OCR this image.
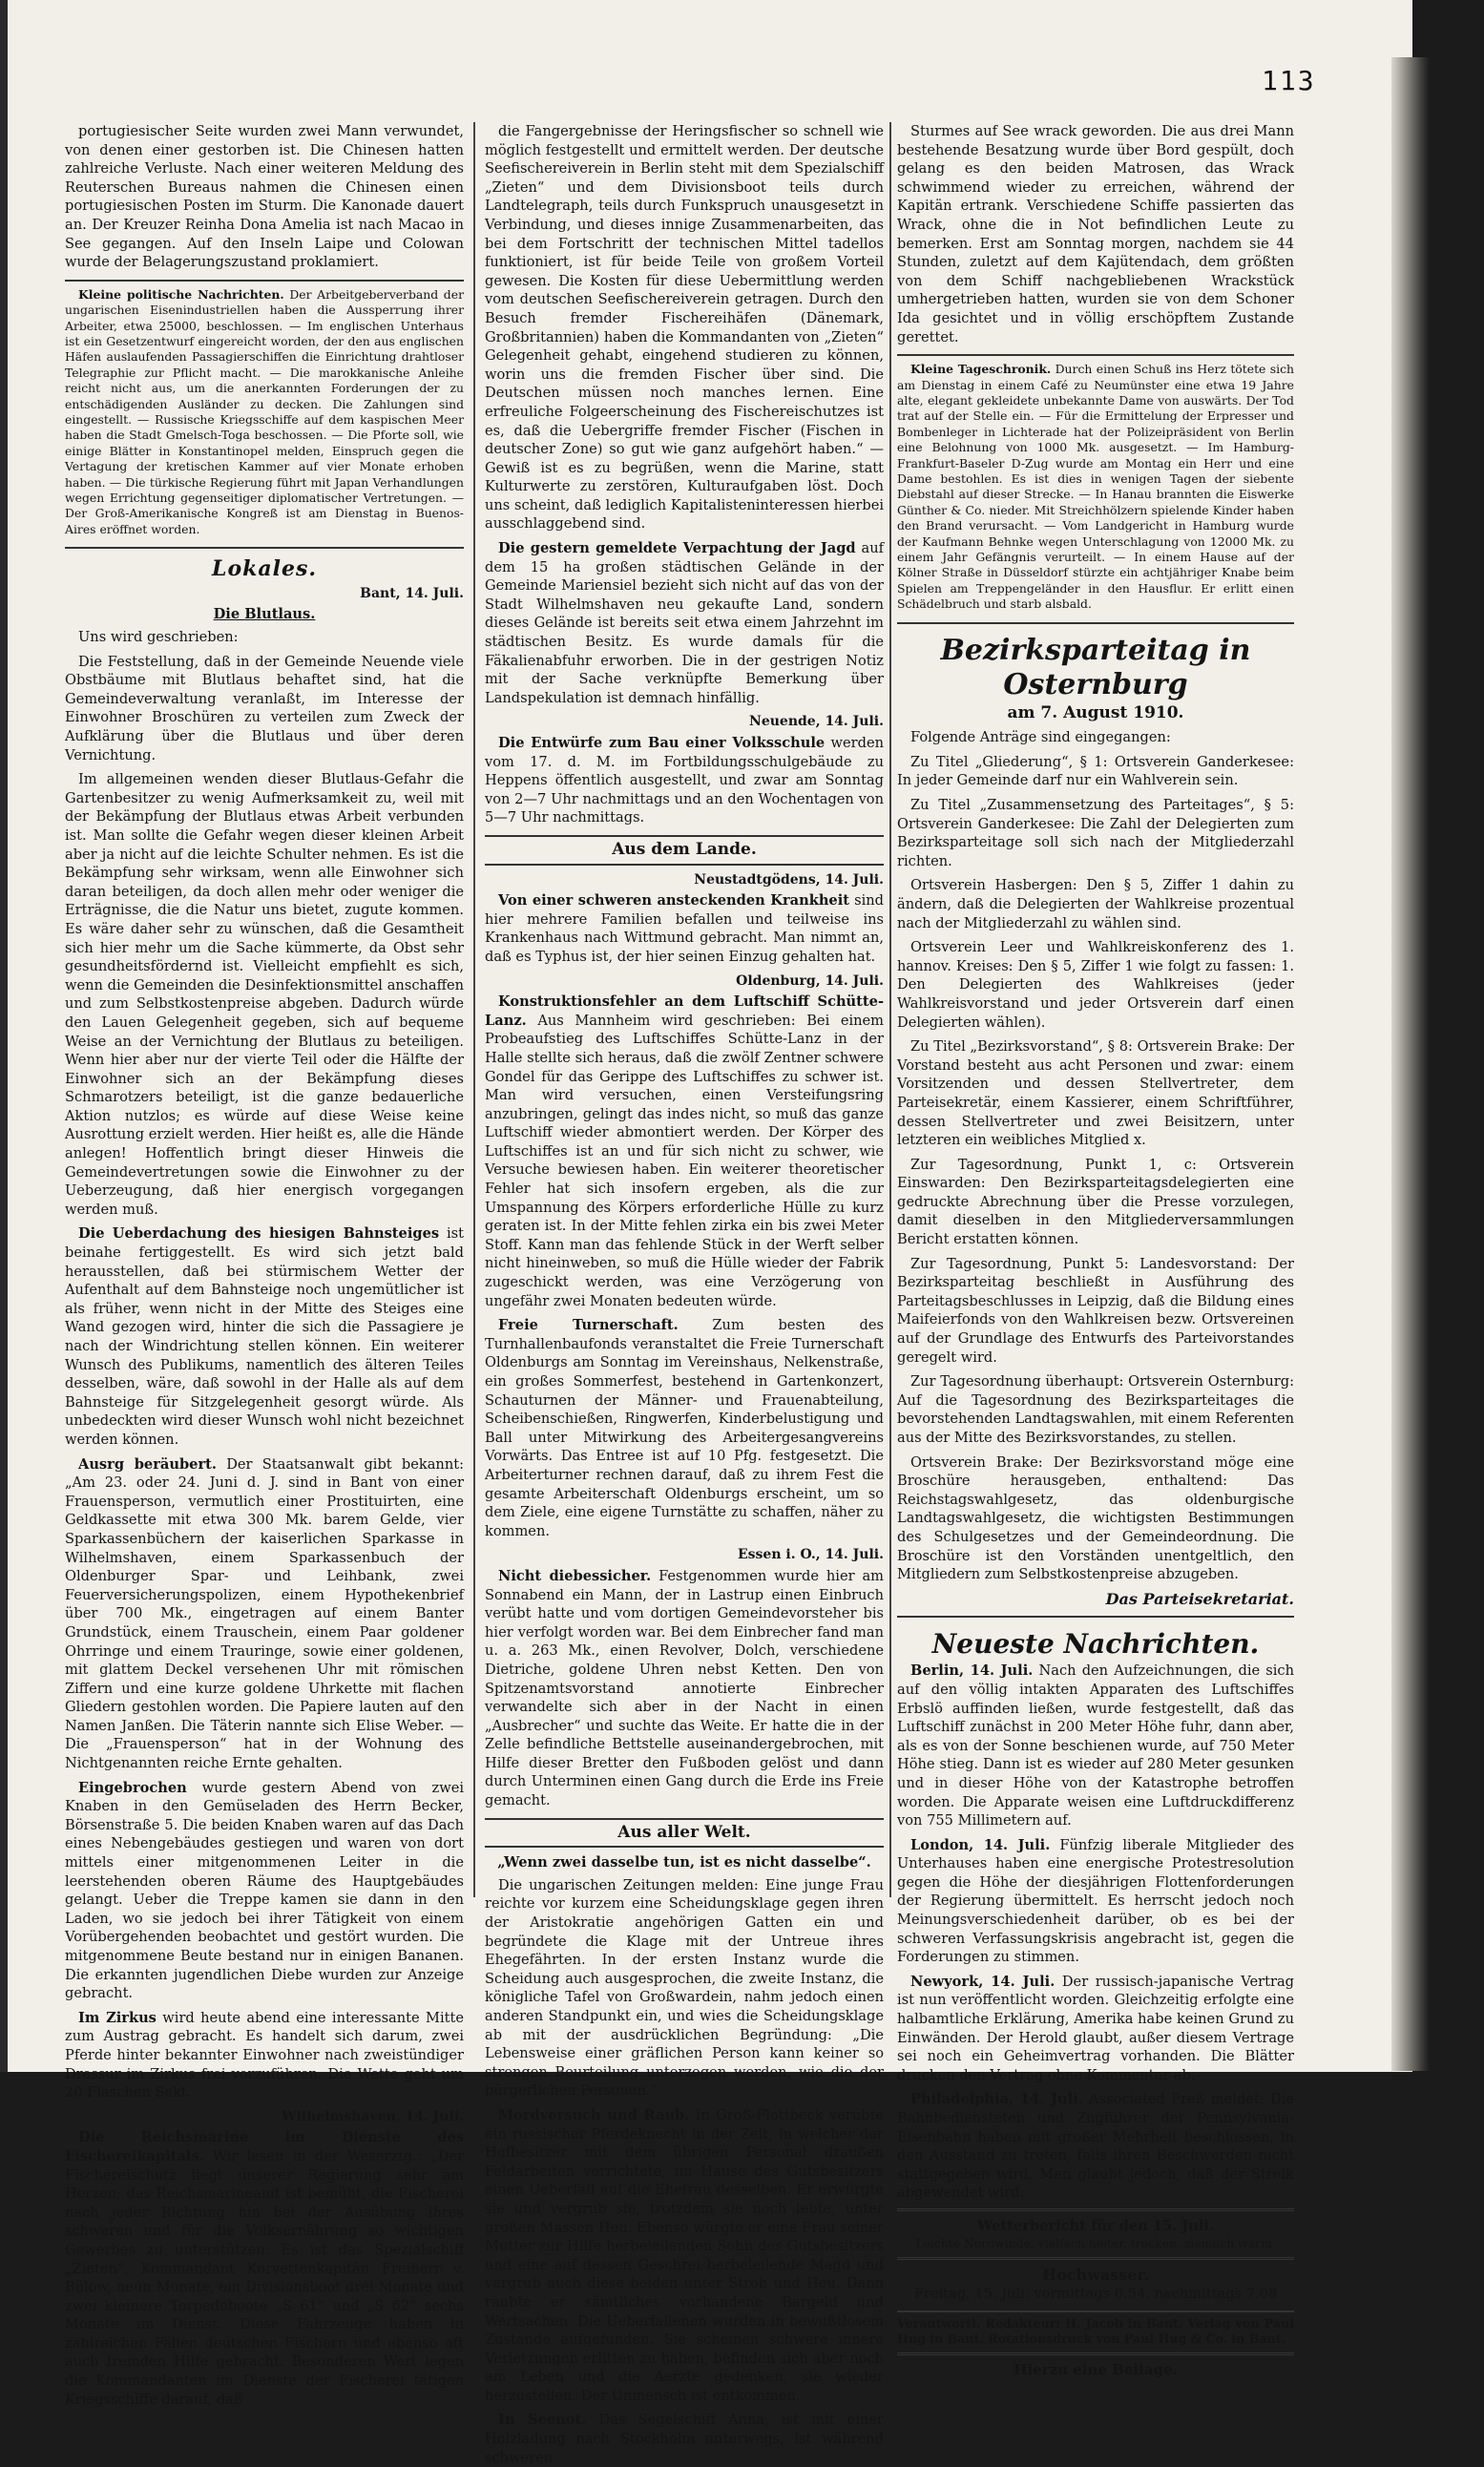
113

portugiesischer Seite wurden zwei Mann verwundet, von denen einer gestorben ist. Die Chinesen hatten zahlreiche Verluste. Nach einer weiteren Meldung des Reuterschen Bureaus nahmen die Chinesen einen portugiesischen Posten im Sturm. Die Kanonade dauert an. Der Kreuzer Reinha Dona Amelia ist nach Macao in See gegangen. Auf den Inseln Laipe und Colowan wurde der Belagerungszustand proklamiert.

Kleine politische Nachrichten. Der Arbeitgeberverband der ungarischen Eisenindustriellen haben die Aussperrung ihrer Arbeiter, etwa 25000, beschlossen. — Im englischen Unterhaus ist ein Gesetzentwurf eingereicht worden, der den aus englischen Häfen auslaufenden Passagierschiffen die Einrichtung drahtloser Telegraphie zur Pflicht macht. — Die marokkanische Anleihe reicht nicht aus, um die anerkannten Forderungen der zu entschädigenden Ausländer zu decken. Die Zahlungen sind eingestellt. — Russische Kriegsschiffe auf dem kaspischen Meer haben die Stadt Gmelsch-Toga beschossen. — Die Pforte soll, wie einige Blätter in Konstantinopel melden, Einspruch gegen die Vertagung der kretischen Kammer auf vier Monate erhoben haben. — Die türkische Regierung führt mit Japan Verhandlungen wegen Errichtung gegenseitiger diplomatischer Vertretungen. — Der Groß-Amerikanische Kongreß ist am Dienstag in Buenos-Aires eröffnet worden.

Lokales.
Bant, 14. Juli.
Die Blutlaus.

Uns wird geschrieben:

Die Feststellung, daß in der Gemeinde Neuende viele Obstbäume mit Blutlaus behaftet sind, hat die Gemeindeverwaltung veranlaßt, im Interesse der Einwohner Broschüren zu verteilen zum Zweck der Aufklärung über die Blutlaus und über deren Vernichtung.

Im allgemeinen wenden dieser Blutlaus-Gefahr die Gartenbesitzer zu wenig Aufmerksamkeit zu, weil mit der Bekämpfung der Blutlaus etwas Arbeit verbunden ist. Man sollte die Gefahr wegen dieser kleinen Arbeit aber ja nicht auf die leichte Schulter nehmen. Es ist die Bekämpfung sehr wirksam, wenn alle Einwohner sich daran beteiligen, da doch allen mehr oder weniger die Erträgnisse, die die Natur uns bietet, zugute kommen. Es wäre daher sehr zu wünschen, daß die Gesamtheit sich hier mehr um die Sache kümmerte, da Obst sehr gesundheitsfördernd ist. Vielleicht empfiehlt es sich, wenn die Gemeinden die Desinfektionsmittel anschaffen und zum Selbstkostenpreise abgeben. Dadurch würde den Lauen Gelegenheit gegeben, sich auf bequeme Weise an der Vernichtung der Blutlaus zu beteiligen. Wenn hier aber nur der vierte Teil oder die Hälfte der Einwohner sich an der Bekämpfung dieses Schmarotzers beteiligt, ist die ganze bedauerliche Aktion nutzlos; es würde auf diese Weise keine Ausrottung erzielt werden. Hier heißt es, alle die Hände anlegen! Hoffentlich bringt dieser Hinweis die Gemeindevertretungen sowie die Einwohner zu der Ueberzeugung, daß hier energisch vorgegangen werden muß.

Die Ueberdachung des hiesigen Bahnsteiges ist beinahe fertiggestellt. Es wird sich jetzt bald herausstellen, daß bei stürmischem Wetter der Aufenthalt auf dem Bahnsteige noch ungemütlicher ist als früher, wenn nicht in der Mitte des Steiges eine Wand gezogen wird, hinter die sich die Passagiere je nach der Windrichtung stellen können. Ein weiterer Wunsch des Publikums, namentlich des älteren Teiles desselben, wäre, daß sowohl in der Halle als auf dem Bahnsteige für Sitzgelegenheit gesorgt würde. Als unbedeckten wird dieser Wunsch wohl nicht bezeichnet werden können.

Ausrg beräubert. Der Staatsanwalt gibt bekannt: „Am 23. oder 24. Juni d. J. sind in Bant von einer Frauensperson, vermutlich einer Prostituirten, eine Geldkassette mit etwa 300 Mk. barem Gelde, vier Sparkassenbüchern der kaiserlichen Sparkasse in Wilhelmshaven, einem Sparkassenbuch der Oldenburger Spar- und Leihbank, zwei Feuerversicherungspolizen, einem Hypothekenbrief über 700 Mk., eingetragen auf einem Banter Grundstück, einem Trauschein, einem Paar goldener Ohrringe und einem Trauringe, sowie einer goldenen, mit glattem Deckel versehenen Uhr mit römischen Ziffern und eine kurze goldene Uhrkette mit flachen Gliedern gestohlen worden. Die Papiere lauten auf den Namen Janßen. Die Täterin nannte sich Elise Weber. — Die „Frauensperson“ hat in der Wohnung des Nichtgenannten reiche Ernte gehalten.

Eingebrochen wurde gestern Abend von zwei Knaben in den Gemüseladen des Herrn Becker, Börsenstraße 5. Die beiden Knaben waren auf das Dach eines Nebengebäudes gestiegen und waren von dort mittels einer mitgenommenen Leiter in die leerstehenden oberen Räume des Hauptgebäudes gelangt. Ueber die Treppe kamen sie dann in den Laden, wo sie jedoch bei ihrer Tätigkeit von einem Vorübergehenden beobachtet und gestört wurden. Die mitgenommene Beute bestand nur in einigen Bananen. Die erkannten jugendlichen Diebe wurden zur Anzeige gebracht.

Im Zirkus wird heute abend eine interessante Mitte zum Austrag gebracht. Es handelt sich darum, zwei Pferde hinter bekannter Einwohner nach zweistündiger Dressur im Zirkus frei vorzuführen. Die Wette geht um 20 Flaschen Sekt.

Wilhelmshaven, 14. Juli.

Die Reichsmarine im Dienste des Fischereikapitals. Wir lesen in der Weserztg.: „Der Fischereischutz liegt unserer Regierung sehr am Herzen; das Reichsmarineamt ist bemüht, die Fischerei nach jeder Richtung hin bei der Ausübung ihres schweren und für die Volksernährung so wichtigen Gewerbes zu unterstützen. Es ist das Spezialschiff „Zieten“, Kommandant Korvettenkapitän Freiherr v. Bülow, neun Monate, ein Divisionsboot drei Monate und zwei kleinere Torpedoboote „S 61“ und „S 62“ sechs Monate im Dienst. Diese Fahrzeuge haben in zahlreichen Fällen deutschen Fischern und ebenso oft auch fremden Hilfe gebracht. Besonderen Wert legen die Kommandanten im Dienste der Fischerei tätigen Kriegsschiffe darauf, daß

die Fangergebnisse der Heringsfischer so schnell wie möglich festgestellt und ermittelt werden. Der deutsche Seefischereiverein in Berlin steht mit dem Spezialschiff „Zieten“ und dem Divisionsboot teils durch Landtelegraph, teils durch Funkspruch unausgesetzt in Verbindung, und dieses innige Zusammenarbeiten, das bei dem Fortschritt der technischen Mittel tadellos funktioniert, ist für beide Teile von großem Vorteil gewesen. Die Kosten für diese Uebermittlung werden vom deutschen Seefischereiverein getragen. Durch den Besuch fremder Fischereihäfen (Dänemark, Großbritannien) haben die Kommandanten von „Zieten“ Gelegenheit gehabt, eingehend studieren zu können, worin uns die fremden Fischer über sind. Die Deutschen müssen noch manches lernen. Eine erfreuliche Folgeerscheinung des Fischereischutzes ist es, daß die Uebergriffe fremder Fischer (Fischen in deutscher Zone) so gut wie ganz aufgehört haben.“ — Gewiß ist es zu begrüßen, wenn die Marine, statt Kulturwerte zu zerstören, Kulturaufgaben löst. Doch uns scheint, daß lediglich Kapitalisteninteressen hierbei ausschlaggebend sind.

Die gestern gemeldete Verpachtung der Jagd auf dem 15 ha großen städtischen Gelände in der Gemeinde Mariensiel bezieht sich nicht auf das von der Stadt Wilhelmshaven neu gekaufte Land, sondern dieses Gelände ist bereits seit etwa einem Jahrzehnt im städtischen Besitz. Es wurde damals für die Fäkalienabfuhr erworben. Die in der gestrigen Notiz mit der Sache verknüpfte Bemerkung über Landspekulation ist demnach hinfällig.

Neuende, 14. Juli.

Die Entwürfe zum Bau einer Volksschule werden vom 17. d. M. im Fortbildungsschulgebäude zu Heppens öffentlich ausgestellt, und zwar am Sonntag von 2—7 Uhr nachmittags und an den Wochentagen von 5—7 Uhr nachmittags.

Aus dem Lande.
Neustadtgödens, 14. Juli.

Von einer schweren ansteckenden Krankheit sind hier mehrere Familien befallen und teilweise ins Krankenhaus nach Wittmund gebracht. Man nimmt an, daß es Typhus ist, der hier seinen Einzug gehalten hat.

Oldenburg, 14. Juli.

Konstruktionsfehler an dem Luftschiff Schütte-Lanz. Aus Mannheim wird geschrieben: Bei einem Probeaufstieg des Luftschiffes Schütte-Lanz in der Halle stellte sich heraus, daß die zwölf Zentner schwere Gondel für das Gerippe des Luftschiffes zu schwer ist. Man wird versuchen, einen Versteifungsring anzubringen, gelingt das indes nicht, so muß das ganze Luftschiff wieder abmontiert werden. Der Körper des Luftschiffes ist an und für sich nicht zu schwer, wie Versuche bewiesen haben. Ein weiterer theoretischer Fehler hat sich insofern ergeben, als die zur Umspannung des Körpers erforderliche Hülle zu kurz geraten ist. In der Mitte fehlen zirka ein bis zwei Meter Stoff. Kann man das fehlende Stück in der Werft selber nicht hineinweben, so muß die Hülle wieder der Fabrik zugeschickt werden, was eine Verzögerung von ungefähr zwei Monaten bedeuten würde.

Freie Turnerschaft. Zum besten des Turnhallenbaufonds veranstaltet die Freie Turnerschaft Oldenburgs am Sonntag im Vereinshaus, Nelkenstraße, ein großes Sommerfest, bestehend in Gartenkonzert, Schauturnen der Männer- und Frauenabteilung, Scheibenschießen, Ringwerfen, Kinderbelustigung und Ball unter Mitwirkung des Arbeitergesangvereins Vorwärts. Das Entree ist auf 10 Pfg. festgesetzt. Die Arbeiterturner rechnen darauf, daß zu ihrem Fest die gesamte Arbeiterschaft Oldenburgs erscheint, um so dem Ziele, eine eigene Turnstätte zu schaffen, näher zu kommen.

Essen i. O., 14. Juli.

Nicht diebessicher. Festgenommen wurde hier am Sonnabend ein Mann, der in Lastrup einen Einbruch verübt hatte und vom dortigen Gemeindevorsteher bis hier verfolgt worden war. Bei dem Einbrecher fand man u. a. 263 Mk., einen Revolver, Dolch, verschiedene Dietriche, goldene Uhren nebst Ketten. Den von Spitzenamtsvorstand annotierte Einbrecher verwandelte sich aber in der Nacht in einen „Ausbrecher“ und suchte das Weite. Er hatte die in der Zelle befindliche Bettstelle auseinandergebrochen, mit Hilfe dieser Bretter den Fußboden gelöst und dann durch Unterminen einen Gang durch die Erde ins Freie gemacht.

Aus aller Welt.
„Wenn zwei dasselbe tun, ist es nicht dasselbe“.

Die ungarischen Zeitungen melden: Eine junge Frau reichte vor kurzem eine Scheidungsklage gegen ihren der Aristokratie angehörigen Gatten ein und begründete die Klage mit der Untreue ihres Ehegefährten. In der ersten Instanz wurde die Scheidung auch ausgesprochen, die zweite Instanz, die königliche Tafel von Großwardein, nahm jedoch einen anderen Standpunkt ein, und wies die Scheidungsklage ab mit der ausdrücklichen Begründung: „Die Lebensweise einer gräflichen Person kann keiner so strengen Beurteilung unterzogen werden, wie die der bürgerlichen Personen.“

Mordversuch und Raub. In Groß-Flottbeck verübte ein russischer Pferdeknecht in der Zeit, in welcher der Hofbesitzer mit dem übrigen Personal draußen Feldarbeiten verrichtete, im Hause des Gutsbesitzers einen Ueberfall auf die Ehefrau desselben. Er erwürgte sie und vergrub sie, trotzdem sie noch lebte, unter großen Massen Heu. Ebenso würgte er eine Frau seiner Mutter zur Hilfe herbeieilenden Sohn des Gutsbesitzers und eine auf dessen Geschrei herbeieilende Magd und vergrub auch diese beiden unter Stroh und Heu. Dann raubte er sämtliches vorhandene Bargeld und Wertsachen. Die Ueberfallenen wurden in bewußtlosem Zustande aufgefunden. Sie scheinen schwere innere Verletzungen erlitten zu haben, befinden sich aber noch am Leben und die Aerzte gedenken, sie wieder herzustellen. Der Unmensch ist entkommen.

In Seenot. Das Segelschiff Anna, ist mit einer Holzladung nach Stockholm unterwegs, ist während schweren

Sturmes auf See wrack geworden. Die aus drei Mann bestehende Besatzung wurde über Bord gespült, doch gelang es den beiden Matrosen, das Wrack schwimmend wieder zu erreichen, während der Kapitän ertrank. Verschiedene Schiffe passierten das Wrack, ohne die in Not befindlichen Leute zu bemerken. Erst am Sonntag morgen, nachdem sie 44 Stunden, zuletzt auf dem Kajütendach, dem größten von dem Schiff nachgebliebenen Wrackstück umhergetrieben hatten, wurden sie von dem Schoner Ida gesichtet und in völlig erschöpftem Zustande gerettet.

Kleine Tageschronik. Durch einen Schuß ins Herz tötete sich am Dienstag in einem Café zu Neumünster eine etwa 19 Jahre alte, elegant gekleidete unbekannte Dame von auswärts. Der Tod trat auf der Stelle ein. — Für die Ermittelung der Erpresser und Bombenleger in Lichterade hat der Polizeipräsident von Berlin eine Belohnung von 1000 Mk. ausgesetzt. — Im Hamburg-Frankfurt-Baseler D-Zug wurde am Montag ein Herr und eine Dame bestohlen. Es ist dies in wenigen Tagen der siebente Diebstahl auf dieser Strecke. — In Hanau brannten die Eiswerke Günther & Co. nieder. Mit Streichhölzern spielende Kinder haben den Brand verursacht. — Vom Landgericht in Hamburg wurde der Kaufmann Behnke wegen Unterschlagung von 12000 Mk. zu einem Jahr Gefängnis verurteilt. — In einem Hause auf der Kölner Straße in Düsseldorf stürzte ein achtjähriger Knabe beim Spielen am Treppengeländer in den Hausflur. Er erlitt einen Schädelbruch und starb alsbald.

Bezirksparteitag in Osternburg
am 7. August 1910.

Folgende Anträge sind eingegangen:

Zu Titel „Gliederung“, § 1: Ortsverein Ganderkesee: In jeder Gemeinde darf nur ein Wahlverein sein.

Zu Titel „Zusammensetzung des Parteitages“, § 5: Ortsverein Ganderkesee: Die Zahl der Delegierten zum Bezirksparteitage soll sich nach der Mitgliederzahl richten.

Ortsverein Hasbergen: Den § 5, Ziffer 1 dahin zu ändern, daß die Delegierten der Wahlkreise prozentual nach der Mitgliederzahl zu wählen sind.

Ortsverein Leer und Wahlkreiskonferenz des 1. hannov. Kreises: Den § 5, Ziffer 1 wie folgt zu fassen: 1. Den Delegierten des Wahlkreises (jeder Wahlkreisvorstand und jeder Ortsverein darf einen Delegierten wählen).

Zu Titel „Bezirksvorstand“, § 8: Ortsverein Brake: Der Vorstand besteht aus acht Personen und zwar: einem Vorsitzenden und dessen Stellvertreter, dem Parteisekretär, einem Kassierer, einem Schriftführer, dessen Stellvertreter und zwei Beisitzern, unter letzteren ein weibliches Mitglied x.

Zur Tagesordnung, Punkt 1, c: Ortsverein Einswarden: Den Bezirksparteitagsdelegierten eine gedruckte Abrechnung über die Presse vorzulegen, damit dieselben in den Mitgliederversammlungen Bericht erstatten können.

Zur Tagesordnung, Punkt 5: Landesvorstand: Der Bezirksparteitag beschließt in Ausführung des Parteitagsbeschlusses in Leipzig, daß die Bildung eines Maifeierfonds von den Wahlkreisen bezw. Ortsvereinen auf der Grundlage des Entwurfs des Parteivorstandes geregelt wird.

Zur Tagesordnung überhaupt: Ortsverein Osternburg: Auf die Tagesordnung des Bezirksparteitages die bevorstehenden Landtagswahlen, mit einem Referenten aus der Mitte des Bezirksvorstandes, zu stellen.

Ortsverein Brake: Der Bezirksvorstand möge eine Broschüre herausgeben, enthaltend: Das Reichstagswahlgesetz, das oldenburgische Landtagswahlgesetz, die wichtigsten Bestimmungen des Schulgesetzes und der Gemeindeordnung. Die Broschüre ist den Vorständen unentgeltlich, den Mitgliedern zum Selbstkostenpreise abzugeben.

Das Parteisekretariat.
Neueste Nachrichten.

Berlin, 14. Juli. Nach den Aufzeichnungen, die sich auf den völlig intakten Apparaten des Luftschiffes Erbslö auffinden ließen, wurde festgestellt, daß das Luftschiff zunächst in 200 Meter Höhe fuhr, dann aber, als es von der Sonne beschienen wurde, auf 750 Meter Höhe stieg. Dann ist es wieder auf 280 Meter gesunken und in dieser Höhe von der Katastrophe betroffen worden. Die Apparate weisen eine Luftdruckdifferenz von 755 Millimetern auf.

London, 14. Juli. Fünfzig liberale Mitglieder des Unterhauses haben eine energische Protestresolution gegen die Höhe der diesjährigen Flottenforderungen der Regierung übermittelt. Es herrscht jedoch noch Meinungsverschiedenheit darüber, ob es bei der schweren Verfassungskrisis angebracht ist, gegen die Forderungen zu stimmen.

Newyork, 14. Juli. Der russisch-japanische Vertrag ist nun veröffentlicht worden. Gleichzeitig erfolgte eine halbamtliche Erklärung, Amerika habe keinen Grund zu Einwänden. Der Herold glaubt, außer diesem Vertrage sei noch ein Geheimvertrag vorhanden. Die Blätter drucken den Vertrag ohne Kommentar ab.

Philadelphia, 14. Juli. Associated Preß meldet: Die Bahnbediensteten und Zugführer der Pennsylvania-Eisenbahn haben mit großer Mehrheit beschlossen, in den Ausstand zu treten, falls ihren Beschwerden nicht stattgegeben wird. Man glaubt jedoch, daß der Streik abgewendet wird.

Wetterbericht für den 15. Juli.
Leichte Nordwinde, vielfach heiter, trocken, ziemlich warm.
Hochwasser.
Freitag, 15. Juli: vormittags 6.54, nachmittags 7.08
Verantwortl. Redakteur: H. Jacob in Bant. Verlag von Paul Hug in Bant. Rotationsdruck von Paul Hug & Co. in Bant.
Hierzu eine Beilage.
